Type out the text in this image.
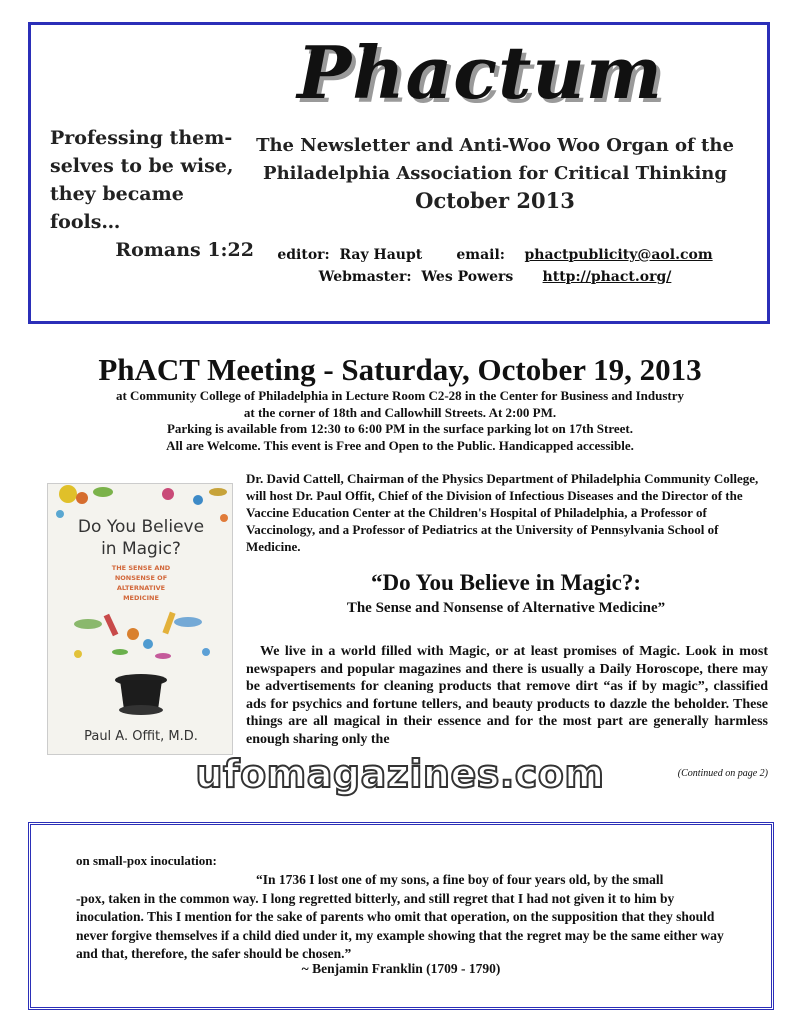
Professing them-
selves to be wise,
they became fools…

Romans 1:22
Phactum
The Newsletter and Anti-Woo Woo Organ of the
Philadelphia Association for Critical Thinking
October 2013
editor: Ray Haupt email: phactpublicity@aol.com
Webmaster: Wes Powers http://phact.org/
PhACT Meeting - Saturday, October 19, 2013
at Community College of Philadelphia in Lecture Room C2-28 in the Center for Business and Industry
at the corner of 18th and Callowhill Streets. At 2:00 PM.
Parking is available from 12:30 to 6:00 PM in the surface parking lot on 17th Street.
All are Welcome. This event is Free and Open to the Public. Handicapped accessible.
Do You Believe
in Magic?
THE SENSE AND
NONSENSE OF
ALTERNATIVE
MEDICINE
Paul A. Offit, M.D.
Dr. David Cattell, Chairman of the Physics Department of Philadelphia Community College, will host Dr. Paul Offit, Chief of the Division of Infectious Diseases and the Director of the Vaccine Education Center at the Children's Hospital of Philadelphia, a Professor of Vaccinology, and a Professor of Pediatrics at the University of Pennsylvania School of Medicine.
“Do You Believe in Magic?:
The Sense and Nonsense of Alternative Medicine”
 We live in a world filled with Magic, or at least promises of Magic. Look in most newspapers and popular magazines and there is usually a Daily Horoscope, there may be advertisements for cleaning products that remove dirt “as if by magic”, classified ads for psychics and fortune tellers, and beauty products to dazzle the beholder. These things are all magical in their essence and for the most part are generally harmless enough sharing only the
ufomagazines.com	(Continued on page 2)
on small-pox inoculation:
“In 1736 I lost one of my sons, a fine boy of four years old, by the small
-pox, taken in the common way. I long regretted bitterly, and still regret that I had not given it to him by inoculation. This I mention for the sake of parents who omit that operation, on the supposition that they should never forgive themselves if a child died under it, my example showing that the regret may be the same either way and that, therefore, the safer should be chosen.”
~ Benjamin Franklin (1709 - 1790)
